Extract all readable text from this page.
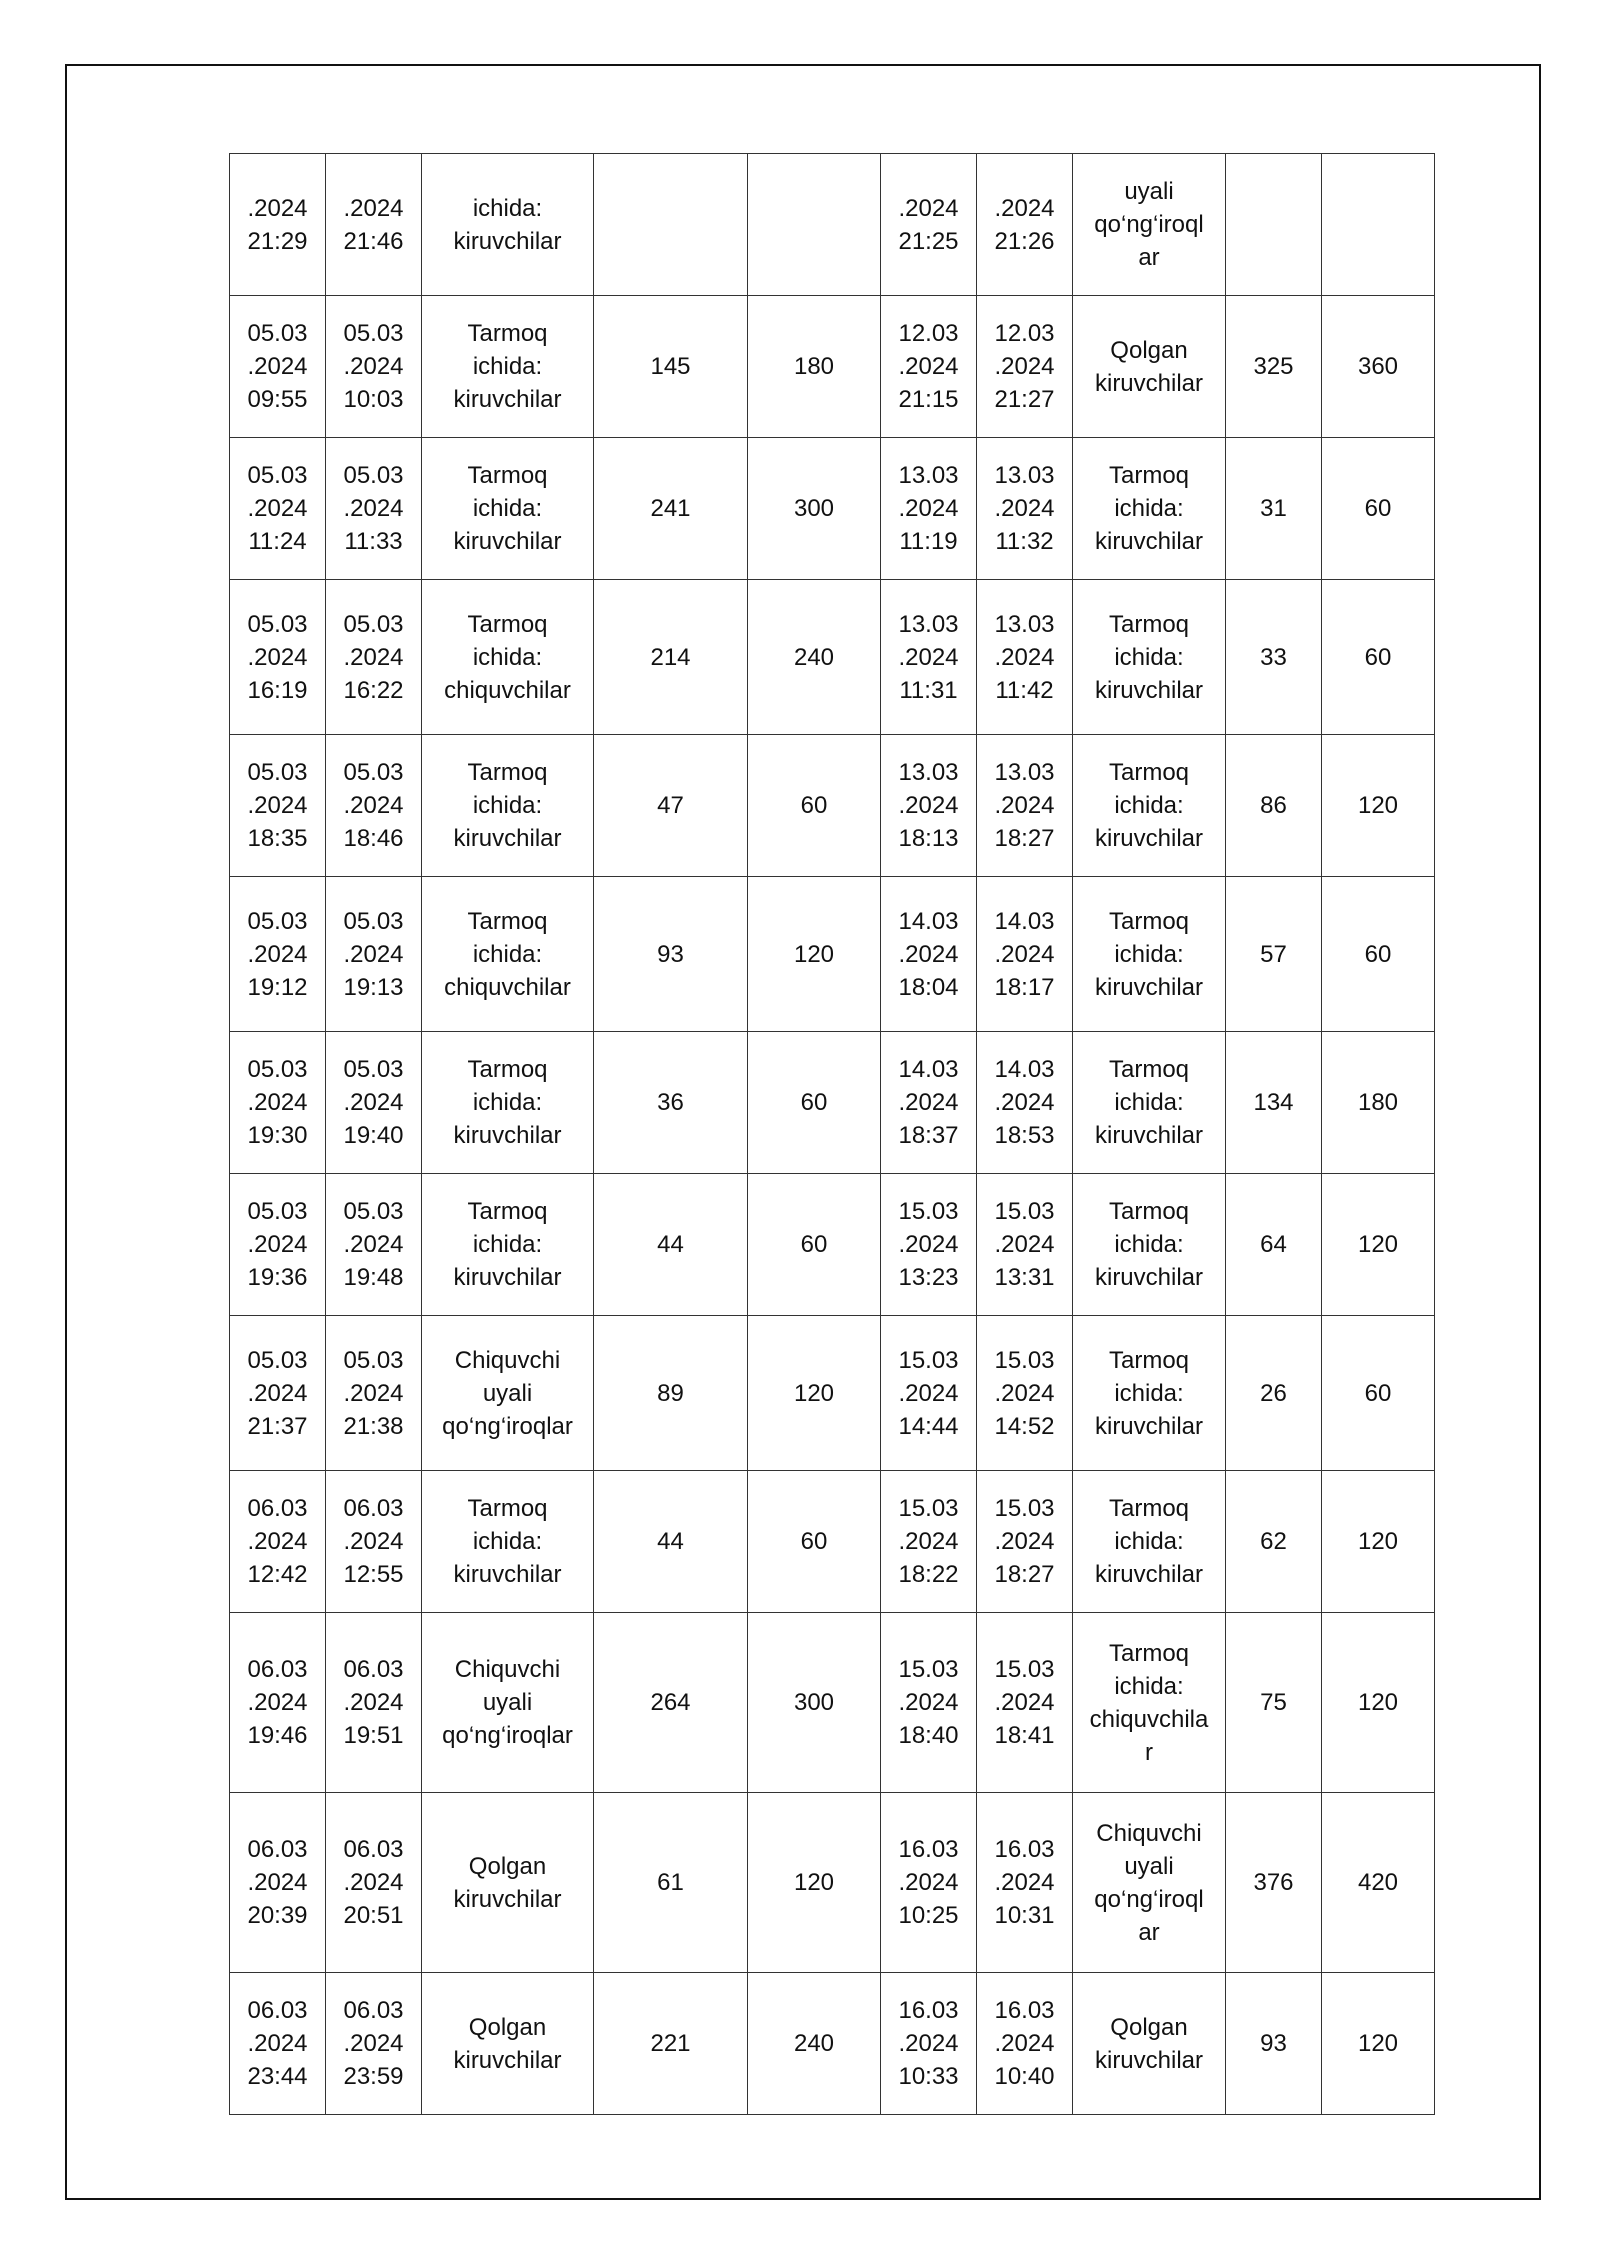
.2024
21:29	.2024
21:46	ichida:
kiruvchilar			.2024
21:25	.2024
21:26	uyali
qo‘ng‘iroql
ar		

05.03
.2024
09:55	05.03
.2024
10:03	Tarmoq
ichida:
kiruvchilar	145	180	12.03
.2024
21:15	12.03
.2024
21:27	Qolgan
kiruvchilar	325	360

05.03
.2024
11:24	05.03
.2024
11:33	Tarmoq
ichida:
kiruvchilar	241	300	13.03
.2024
11:19	13.03
.2024
11:32	Tarmoq
ichida:
kiruvchilar	31	60

05.03
.2024
16:19	05.03
.2024
16:22	Tarmoq
ichida:
chiquvchilar	214	240	13.03
.2024
11:31	13.03
.2024
11:42	Tarmoq
ichida:
kiruvchilar	33	60

05.03
.2024
18:35	05.03
.2024
18:46	Tarmoq
ichida:
kiruvchilar	47	60	13.03
.2024
18:13	13.03
.2024
18:27	Tarmoq
ichida:
kiruvchilar	86	120

05.03
.2024
19:12	05.03
.2024
19:13	Tarmoq
ichida:
chiquvchilar	93	120	14.03
.2024
18:04	14.03
.2024
18:17	Tarmoq
ichida:
kiruvchilar	57	60

05.03
.2024
19:30	05.03
.2024
19:40	Tarmoq
ichida:
kiruvchilar	36	60	14.03
.2024
18:37	14.03
.2024
18:53	Tarmoq
ichida:
kiruvchilar	134	180

05.03
.2024
19:36	05.03
.2024
19:48	Tarmoq
ichida:
kiruvchilar	44	60	15.03
.2024
13:23	15.03
.2024
13:31	Tarmoq
ichida:
kiruvchilar	64	120

05.03
.2024
21:37	05.03
.2024
21:38	Chiquvchi
uyali
qo‘ng‘iroqlar	89	120	15.03
.2024
14:44	15.03
.2024
14:52	Tarmoq
ichida:
kiruvchilar	26	60

06.03
.2024
12:42	06.03
.2024
12:55	Tarmoq
ichida:
kiruvchilar	44	60	15.03
.2024
18:22	15.03
.2024
18:27	Tarmoq
ichida:
kiruvchilar	62	120

06.03
.2024
19:46	06.03
.2024
19:51	Chiquvchi
uyali
qo‘ng‘iroqlar	264	300	15.03
.2024
18:40	15.03
.2024
18:41	Tarmoq
ichida:
chiquvchila
r	75	120

06.03
.2024
20:39	06.03
.2024
20:51	Qolgan
kiruvchilar	61	120	16.03
.2024
10:25	16.03
.2024
10:31	Chiquvchi
uyali
qo‘ng‘iroql
ar	376	420

06.03
.2024
23:44	06.03
.2024
23:59	Qolgan
kiruvchilar	221	240	16.03
.2024
10:33	16.03
.2024
10:40	Qolgan
kiruvchilar	93	120
